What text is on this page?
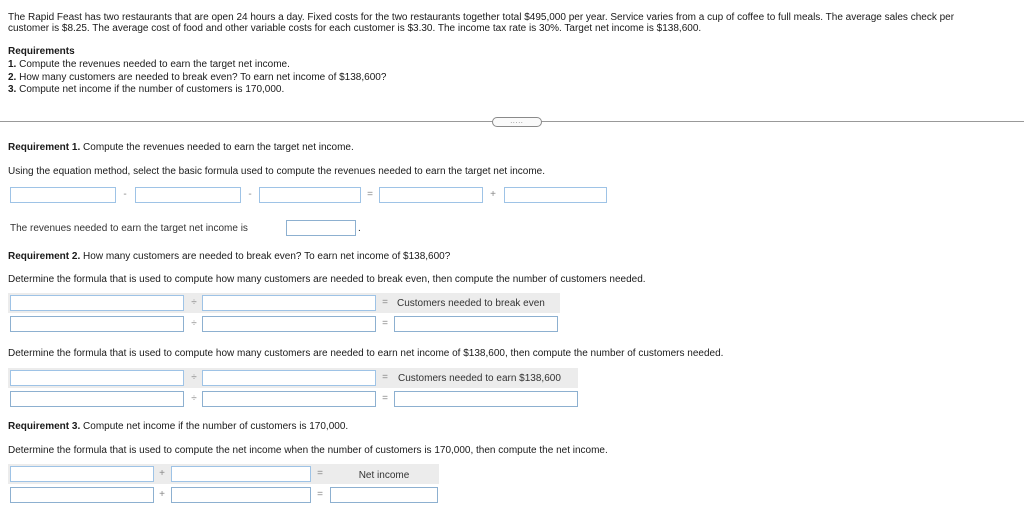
The Rapid Feast has two restaurants that are open 24 hours a day. Fixed costs for the two restaurants together total $495,000 per year. Service varies from a cup of coffee to full meals. The average sales check per
customer is $8.25. The average cost of food and other variable costs for each customer is $3.30. The income tax rate is 30%. Target net income is $138,600.
Requirements
1. Compute the revenues needed to earn the target net income.
2. How many customers are needed to break even? To earn net income of $138,600?
3. Compute net income if the number of customers is 170,000.
.....
Requirement 1. Compute the revenues needed to earn the target net income.
Using the equation method, select the basic formula used to compute the revenues needed to earn the target net income.
-	-	=	+
The revenues needed to earn the target net income is	.
Requirement 2. How many customers are needed to break even? To earn net income of $138,600?
Determine the formula that is used to compute how many customers are needed to break even, then compute the number of customers needed.
÷	= Customers needed to break even
÷	=
Determine the formula that is used to compute how many customers are needed to earn net income of $138,600, then compute the number of customers needed.
÷	=	Customers needed to earn $138,600
÷	=
Requirement 3. Compute net income if the number of customers is 170,000.
Determine the formula that is used to compute the net income when the number of customers is 170,000, then compute the net income.
+	=	Net income
+	=
